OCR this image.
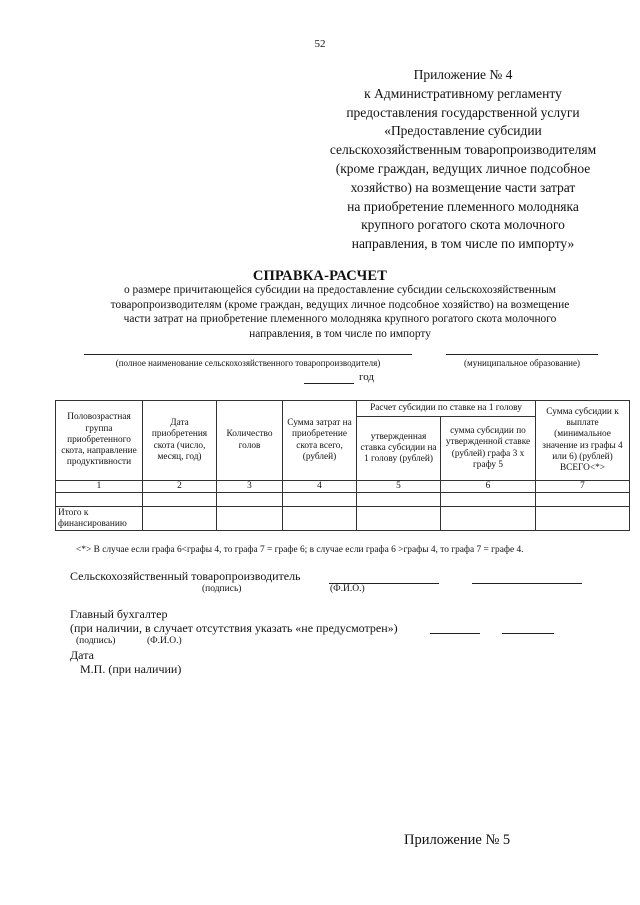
52
Приложение № 4
к Административному регламенту
предоставления государственной услуги
«Предоставление субсидии
сельскохозяйственным товаропроизводителям
(кроме граждан, ведущих личное подсобное
хозяйство) на возмещение части затрат
на приобретение племенного молодняка
крупного рогатого скота молочного
направления, в том числе по импорту»
СПРАВКА-РАСЧЕТ
о размере причитающейся субсидии на предоставление субсидии сельскохозяйственным
товаропроизводителям (кроме граждан, ведущих личное подсобное хозяйство) на возмещение
части затрат на приобретение племенного молодняка крупного рогатого скота молочного
направления, в том числе по импорту
(полное наименование сельскохозяйственного товаропроизводителя)	(муниципальное образование)
год
Половозрастная группа приобретенного скота, направление продуктивности	Дата приобретения скота (число, месяц, год)	Количество голов	Сумма затрат на приобретение скота всего, (рублей)	Расчет субсидии по ставке на 1 голову		Сумма субсидии к выплате (минимальное значение из графы 4 или 6) (рублей) ВСЕГО<*>
				утвержденная ставка субсидии на 1 голову (рублей)	сумма субсидии по утвержденной ставке (рублей) графа 3 х графу 5	
1	2	3	4	5	6	7

Итого к финансированию						
<*> В случае если графа 6<графы 4, то графа 7 = графе 6; в случае если графа 6 >графы 4, то графа 7 = графе 4.
Сельскохозяйственный товаропроизводитель
(подпись)	(Ф.И.О.)
Главный бухгалтер
(при наличии, в случает отсутствия указать «не предусмотрен»)
(подпись)	(Ф.И.О.)
Дата
М.П. (при наличии)
Приложение № 5
